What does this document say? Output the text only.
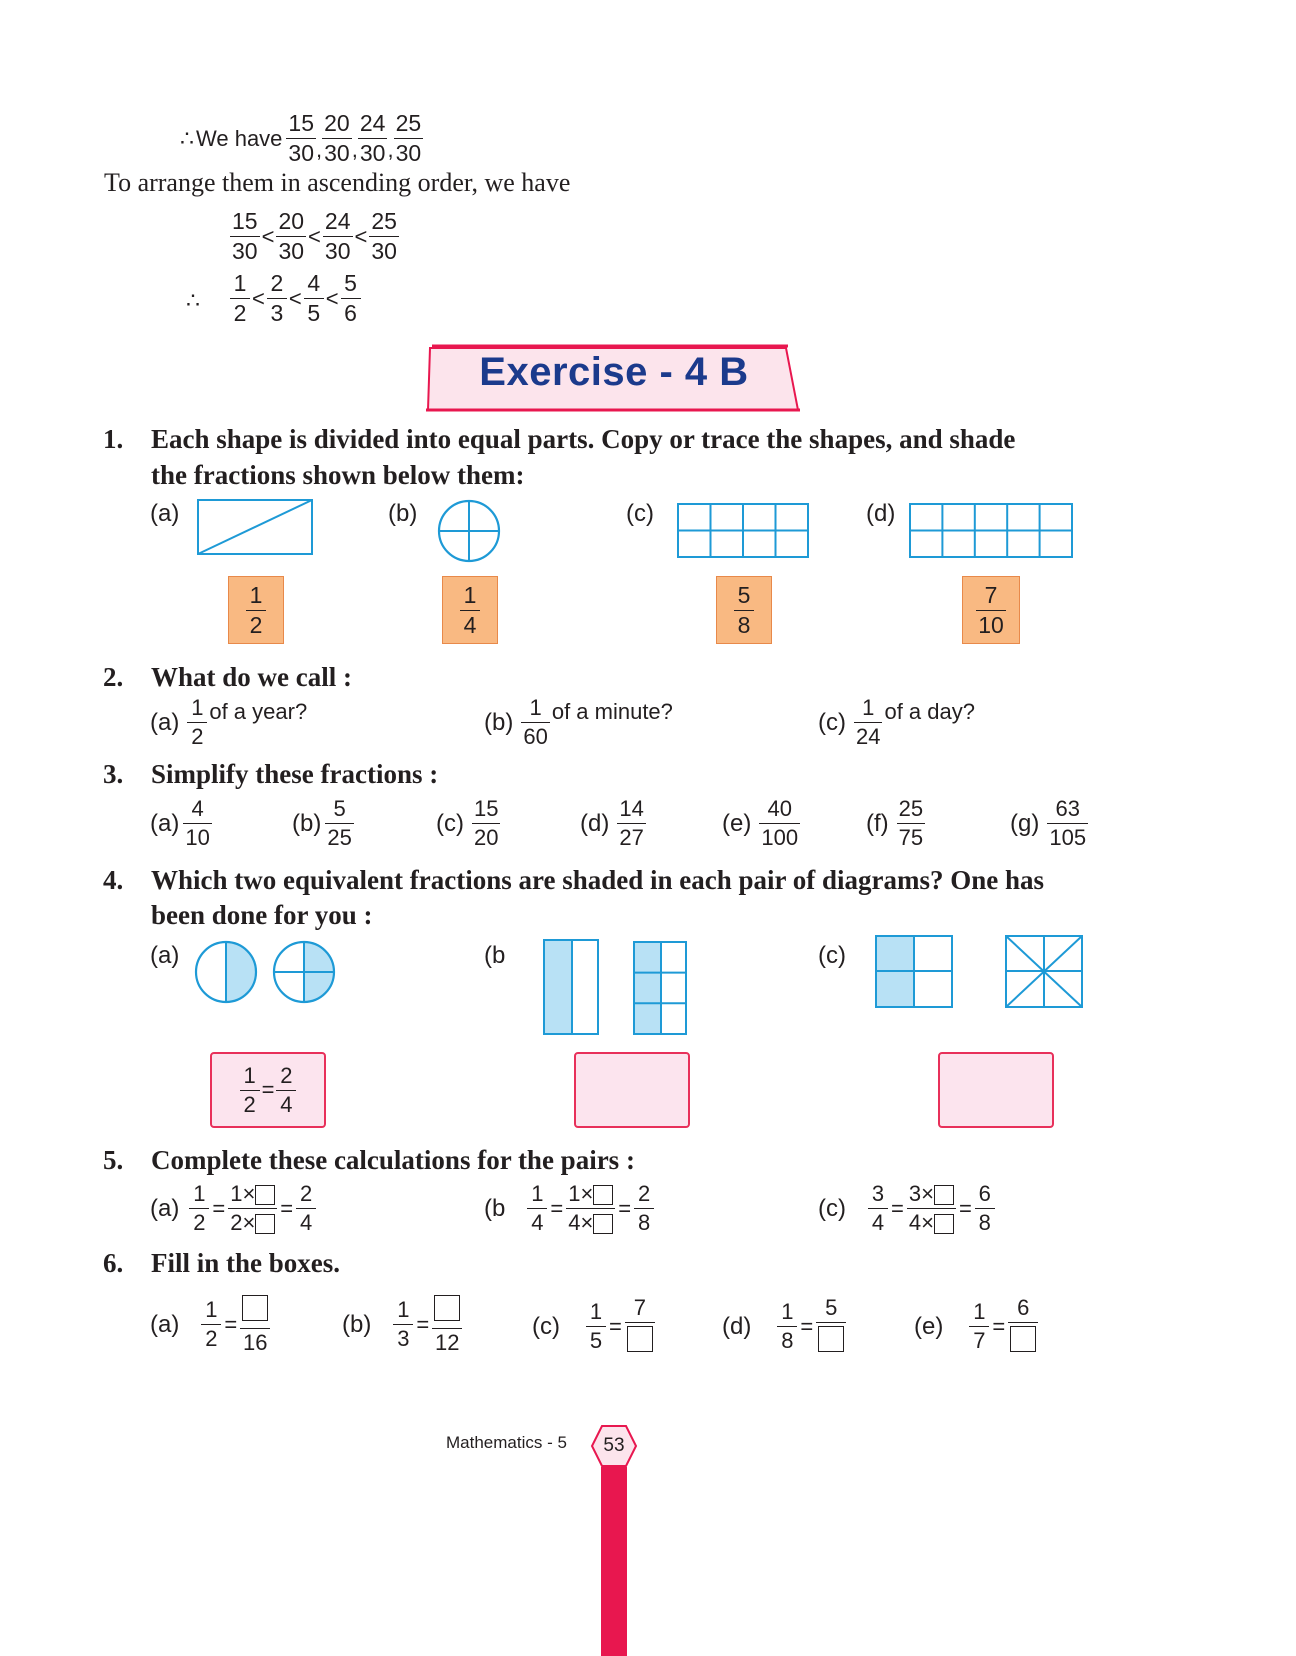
∴ We have $\frac{15}{30}$ , $\frac{20}{30}$ , $\frac{24}{30}$ , $\frac{25}{30}$
To arrange them in ascending order, we have
$\frac{15}{30} < \frac{20}{30} < \frac{24}{30} < \frac{25}{30}$
∴ $\frac{1}{2} < \frac{2}{3} < \frac{4}{5} < \frac{5}{6}$
Exercise - 4 B
1. Each shape is divided into equal parts. Copy or trace the shapes, and shade
the fractions shown below them:
(a)	(b)	(c)	(d)
$\frac{1}{2}$	$\frac{1}{4}$	$\frac{5}{8}$	$\frac{7}{10}$
2. What do we call :
$(a) \frac{1}{2}$ of a year?	$(b) \frac{1}{60}$ of a minute?	$(c) \frac{1}{24}$ of a day?
3. Simplify these fractions :
$(a) \frac{4}{10}$	$(b) \frac{5}{25}$	$(c) \frac{15}{20}$	$(d) \frac{14}{27}$	$(e) \frac{40}{100}$	$(f) \frac{25}{75}$	$(g) \frac{63}{105}$
4. Which two equivalent fractions are shaded in each pair of diagrams? One has
been done for you :
(a)	(b	(c)
$\frac{1}{2} = \frac{2}{4}$
5. Complete these calculations for the pairs :
$(a) \frac{1}{2} = \frac{1\times}{2\times} = \frac{2}{4}$	($b \frac{1}{4} = \frac{1\times}{4\times} = \frac{2}{8}$	$(c) \frac{3}{4} = \frac{3\times}{4\times} = \frac{6}{8}$
6. Fill in the boxes.
$(a) \frac{1}{2}$ =
16
$(b) \frac{1}{3}$ =
12
$(c) \frac{1}{5}$ =
7
$(d) \frac{1}{8}$ =
5
$(e) \frac{1}{7}$ =
6
Mathematics - 5	53
